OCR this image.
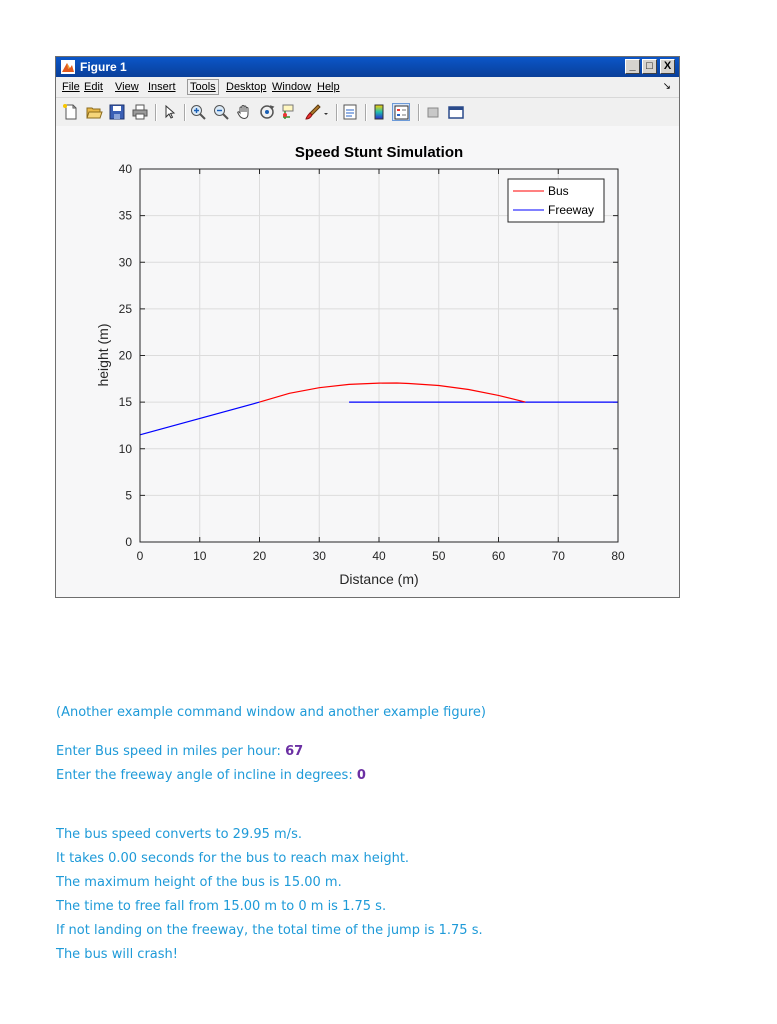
Figure 1	_ □	X
File Edit View Insert Tools Desktop Window Help	↘
Speed Stunt Simulation
0	10	20	30	40	50	60	70	80
0
5
10
15
20
25
30
35
40
Distance (m)
height (m)
Bus
Freeway
(Another example command window and another example figure)
Enter Bus speed in miles per hour: 67
Enter the freeway angle of incline in degrees: 0
The bus speed converts to 29.95 m/s.
It takes 0.00 seconds for the bus to reach max height.
The maximum height of the bus is 15.00 m.
The time to free fall from 15.00 m to 0 m is 1.75 s.
If not landing on the freeway, the total time of the jump is 1.75 s.
The bus will crash!
